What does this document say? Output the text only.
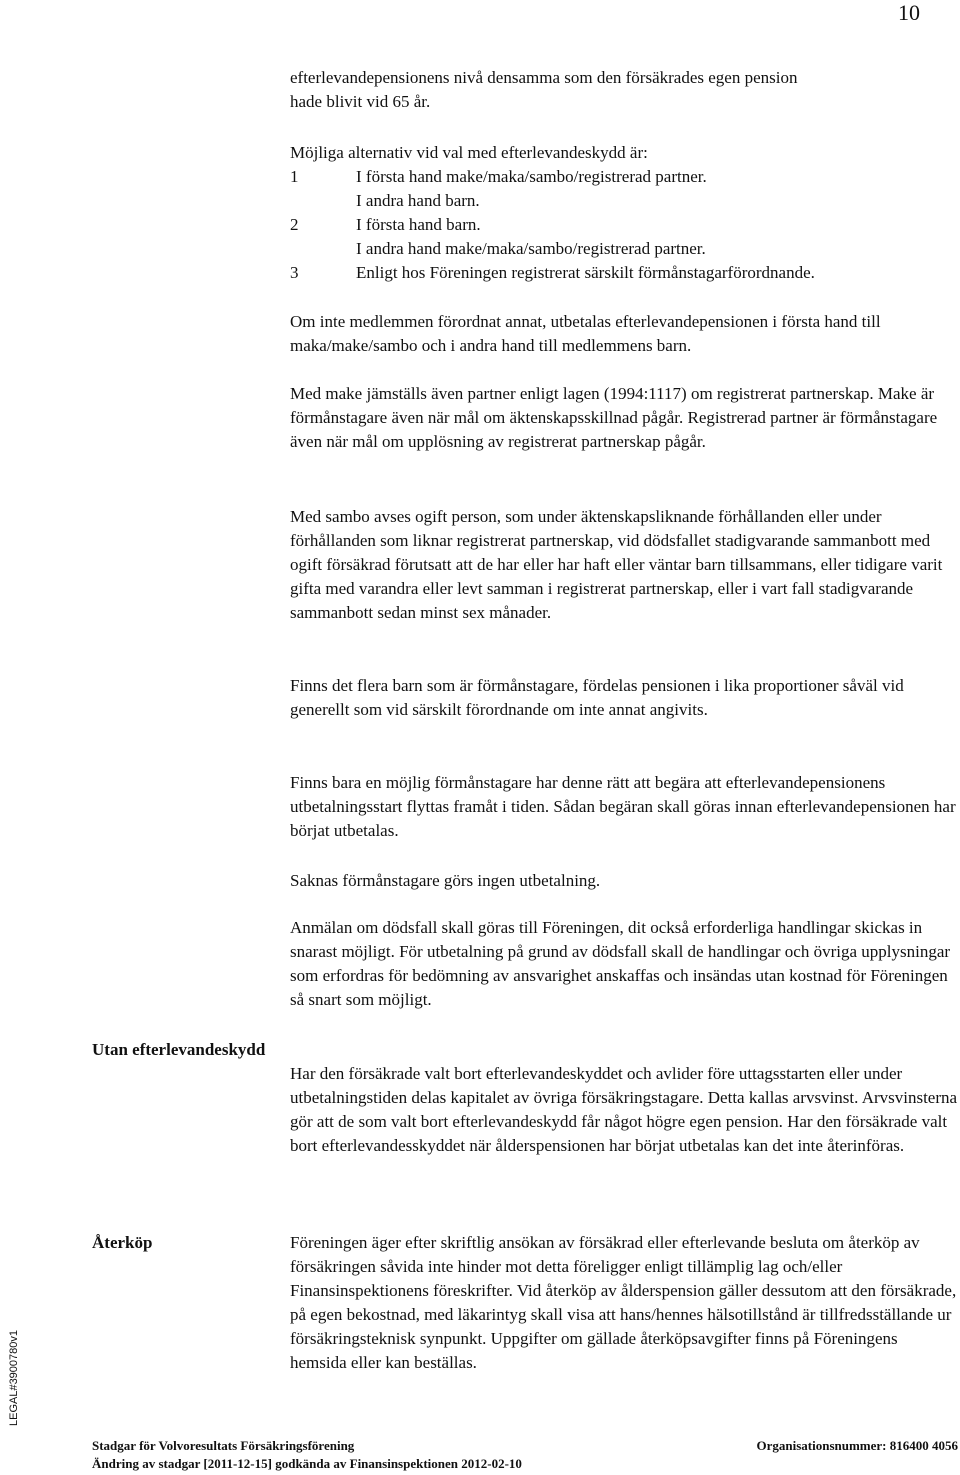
10
efterlevandepensionens nivå densamma som den försäkrades egen pension
hade blivit vid 65 år.
Möjliga alternativ vid val med efterlevandeskydd är:
1	I första hand make/maka/sambo/registrerad partner.
I andra hand barn.
2	I första hand barn.
I andra hand make/maka/sambo/registrerad partner.
3	Enligt hos Föreningen registrerat särskilt förmånstagarförordnande.

Om inte medlemmen förordnat annat, utbetalas efterlevandepensionen i första hand till maka/make/sambo och i andra hand till medlemmens barn.

Med make jämställs även partner enligt lagen (1994:1117) om registrerat partnerskap. Make är förmånstagare även när mål om äktenskapsskillnad pågår. Registrerad partner är förmånstagare även när mål om upplösning av registrerat partnerskap pågår.

Med sambo avses ogift person, som under äktenskapsliknande förhållanden eller under förhållanden som liknar registrerat partnerskap, vid dödsfallet stadigvarande sammanbott med ogift försäkrad förutsatt att de har eller har haft eller väntar barn tillsammans, eller tidigare varit gifta med varandra eller levt samman i registrerat partnerskap, eller i vart fall stadigvarande sammanbott sedan minst sex månader.

Finns det flera barn som är förmånstagare, fördelas pensionen i lika proportioner såväl vid generellt som vid särskilt förordnande om inte annat angivits.

Finns bara en möjlig förmånstagare har denne rätt att begära att efterlevandepensionens utbetalningsstart flyttas framåt i tiden. Sådan begäran skall göras innan efterlevandepensionen har börjat utbetalas.

Saknas förmånstagare görs ingen utbetalning.

Anmälan om dödsfall skall göras till Föreningen, dit också erforderliga handlingar skickas in snarast möjligt. För utbetalning på grund av dödsfall skall de handlingar och övriga upplysningar som erfordras för bedömning av ansvarighet anskaffas och insändas utan kostnad för Föreningen så snart som möjligt.

Utan efterlevandeskydd

Har den försäkrade valt bort efterlevandeskyddet och avlider före uttagsstarten eller under utbetalningstiden delas kapitalet av övriga försäkringstagare. Detta kallas arvsvinst. Arvsvinsterna gör att de som valt bort efterlevandeskydd får något högre egen pension. Har den försäkrade valt bort efterlevandesskyddet när ålderspensionen har börjat utbetalas kan det inte återinföras.

Återköp	Föreningen äger efter skriftlig ansökan av försäkrad eller efterlevande besluta om återköp av försäkringen såvida inte hinder mot detta föreligger enligt tillämplig lag och/eller Finansinspektionens föreskrifter. Vid återköp av ålderspension gäller dessutom att den försäkrade, på egen bekostnad, med läkarintyg skall visa att hans/hennes hälsotillstånd är tillfredsställande ur försäkringsteknisk synpunkt. Uppgifter om gällade återköpsavgifter finns på Föreningens hemsida eller kan beställas.

LEGAL#3900780v1
Stadgar för Volvoresultats Försäkringsförening	Organisationsnummer: 816400 4056
Ändring av stadgar [2011-12-15] godkända av Finansinspektionen 2012-02-10
